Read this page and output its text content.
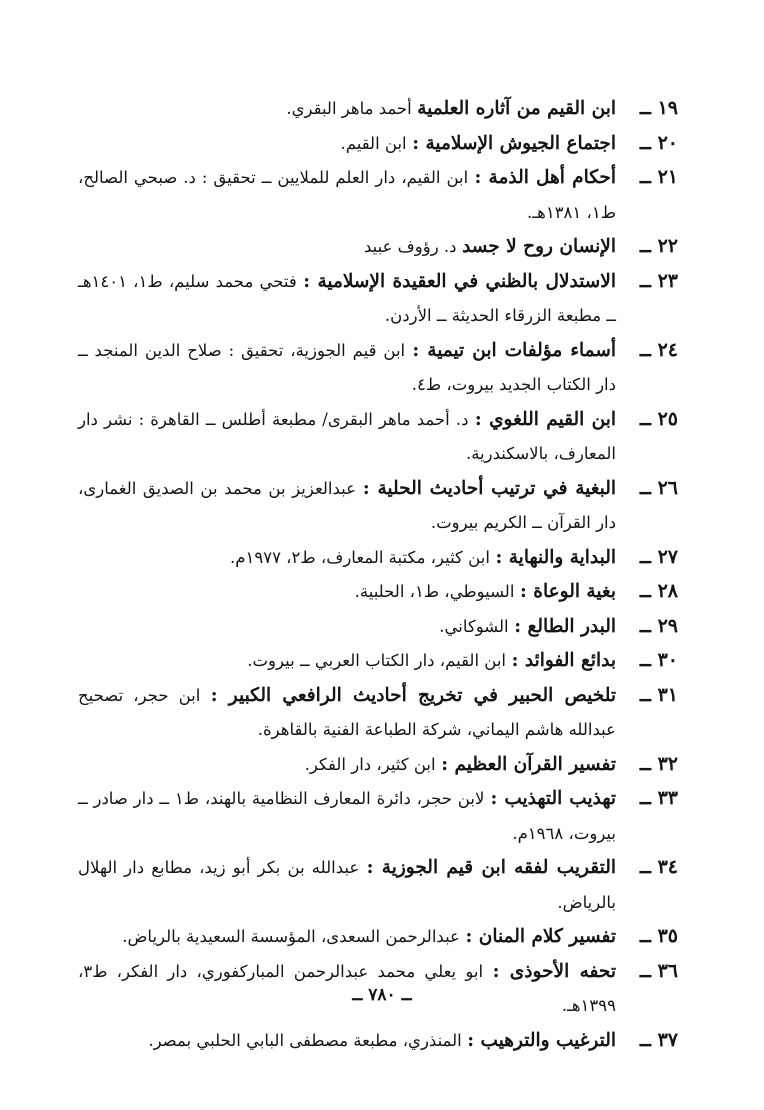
١٩ ــ
ابن القيم من آثاره العلمية أحمد ماهر البقري.
٢٠ ــ
اجتماع الجيوش الإسلامية : ابن القيم.
٢١ ــ
أحكام أهل الذمة : ابن القيم، دار العلم للملايين ــ تحقيق : د. صبحي الصالح، ط١، ١٣٨١هـ.
٢٢ ــ
الإنسان روح لا جسد د. رؤوف عبيد
٢٣ ــ
الاستدلال بالظني في العقيدة الإسلامية : فتحي محمد سليم، ط١، ١٤٠١هـ ــ مطبعة الزرقاء الحديثة ــ الأردن.
٢٤ ــ
أسماء مؤلفات ابن تيمية : ابن قيم الجوزية، تحقيق : صلاح الدين المنجد ــ دار الكتاب الجديد بيروت، ط٤.
٢٥ ــ
ابن القيم اللغوي : د. أحمد ماهر البقرى/ مطبعة أطلس ــ القاهرة : نشر دار المعارف، بالاسكندرية.
٢٦ ــ
البغية في ترتيب أحاديث الحلية : عبدالعزيز بن محمد بن الصديق الغمارى، دار القرآن ــ الكريم بيروت.
٢٧ ــ
البداية والنهاية : ابن كثير، مكتبة المعارف، ط٢، ١٩٧٧م.
٢٨ ــ
بغية الوعاة : السيوطي، ط١، الحلبية.
٢٩ ــ
البدر الطالع : الشوكاني.
٣٠ ــ
بدائع الفوائد : ابن القيم، دار الكتاب العربي ــ بيروت.
٣١ ــ
تلخيص الحبير في تخريج أحاديث الرافعي الكبير : ابن حجر، تصحيح عبدالله هاشم اليماني، شركة الطباعة الفنية بالقاهرة.
٣٢ ــ
تفسير القرآن العظيم : ابن كثير، دار الفكر.
٣٣ ــ
تهذيب التهذيب : لابن حجر، دائرة المعارف النظامية بالهند، ط١ ــ دار صادر ــ بيروت، ١٩٦٨م.
٣٤ ــ
التقريب لفقه ابن قيم الجوزية : عبدالله بن بكر أبو زيد، مطابع دار الهلال بالرياض.
٣٥ ــ
تفسير كلام المنان : عبدالرحمن السعدى، المؤسسة السعيدية بالرياض.
٣٦ ــ
تحفه الأحوذى : ابو يعلي محمد عبدالرحمن المباركفوري، دار الفكر، ط٣، ١٣٩٩هـ.
٣٧ ــ
الترغيب والترهيب : المنذري، مطبعة مصطفى البابي الحلبي بمصر.
ــ ٧٨٠ ــ
